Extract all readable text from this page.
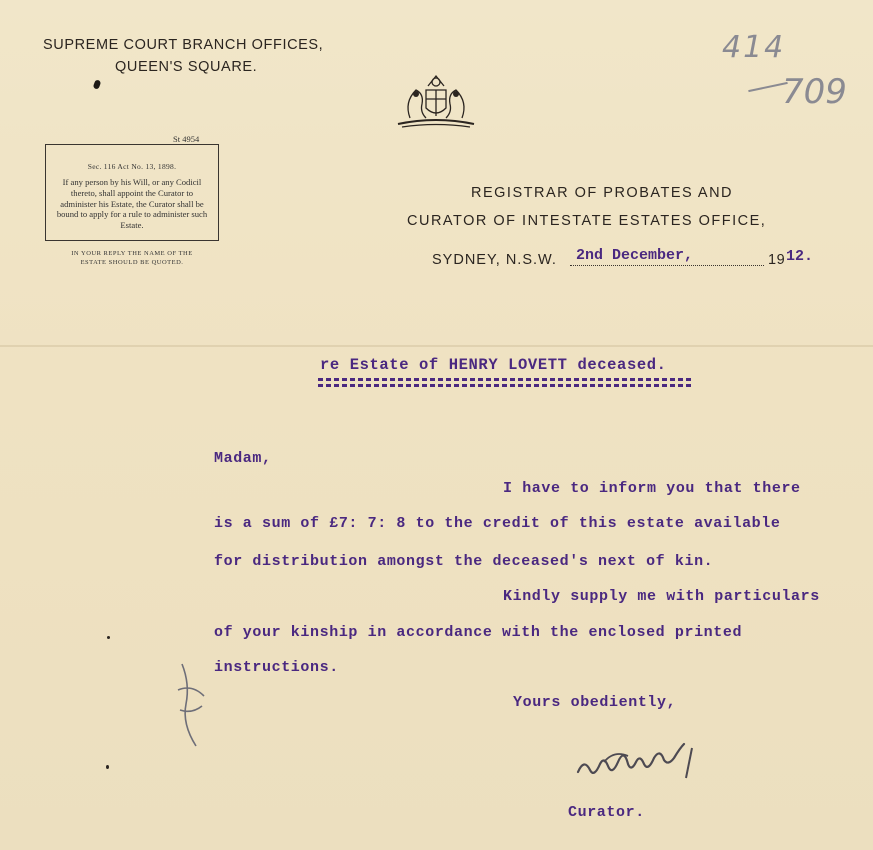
SUPREME COURT BRANCH OFFICES,
QUEEN'S SQUARE.
St 4954
Sec. 116 Act No. 13, 1898.
If any person by his Will, or any Codicil thereto, shall appoint the Curator to administer his Estate, the Curator shall be bound to apply for a rule to administer such Estate.
IN YOUR REPLY THE NAME OF THE
ESTATE SHOULD BE QUOTED.
414
709
REGISTRAR OF PROBATES AND
CURATOR OF INTESTATE ESTATES OFFICE,
SYDNEY, N.S.W. 2nd December,	19 12.
re Estate of HENRY LOVETT deceased.
Madam,
I have to inform you that there
is a sum of £7: 7: 8 to the credit of this estate available
for distribution amongst the deceased's next of kin.
Kindly supply me with particulars
of your kinship in accordance with the enclosed printed
instructions.
Yours obediently,
Curator.
